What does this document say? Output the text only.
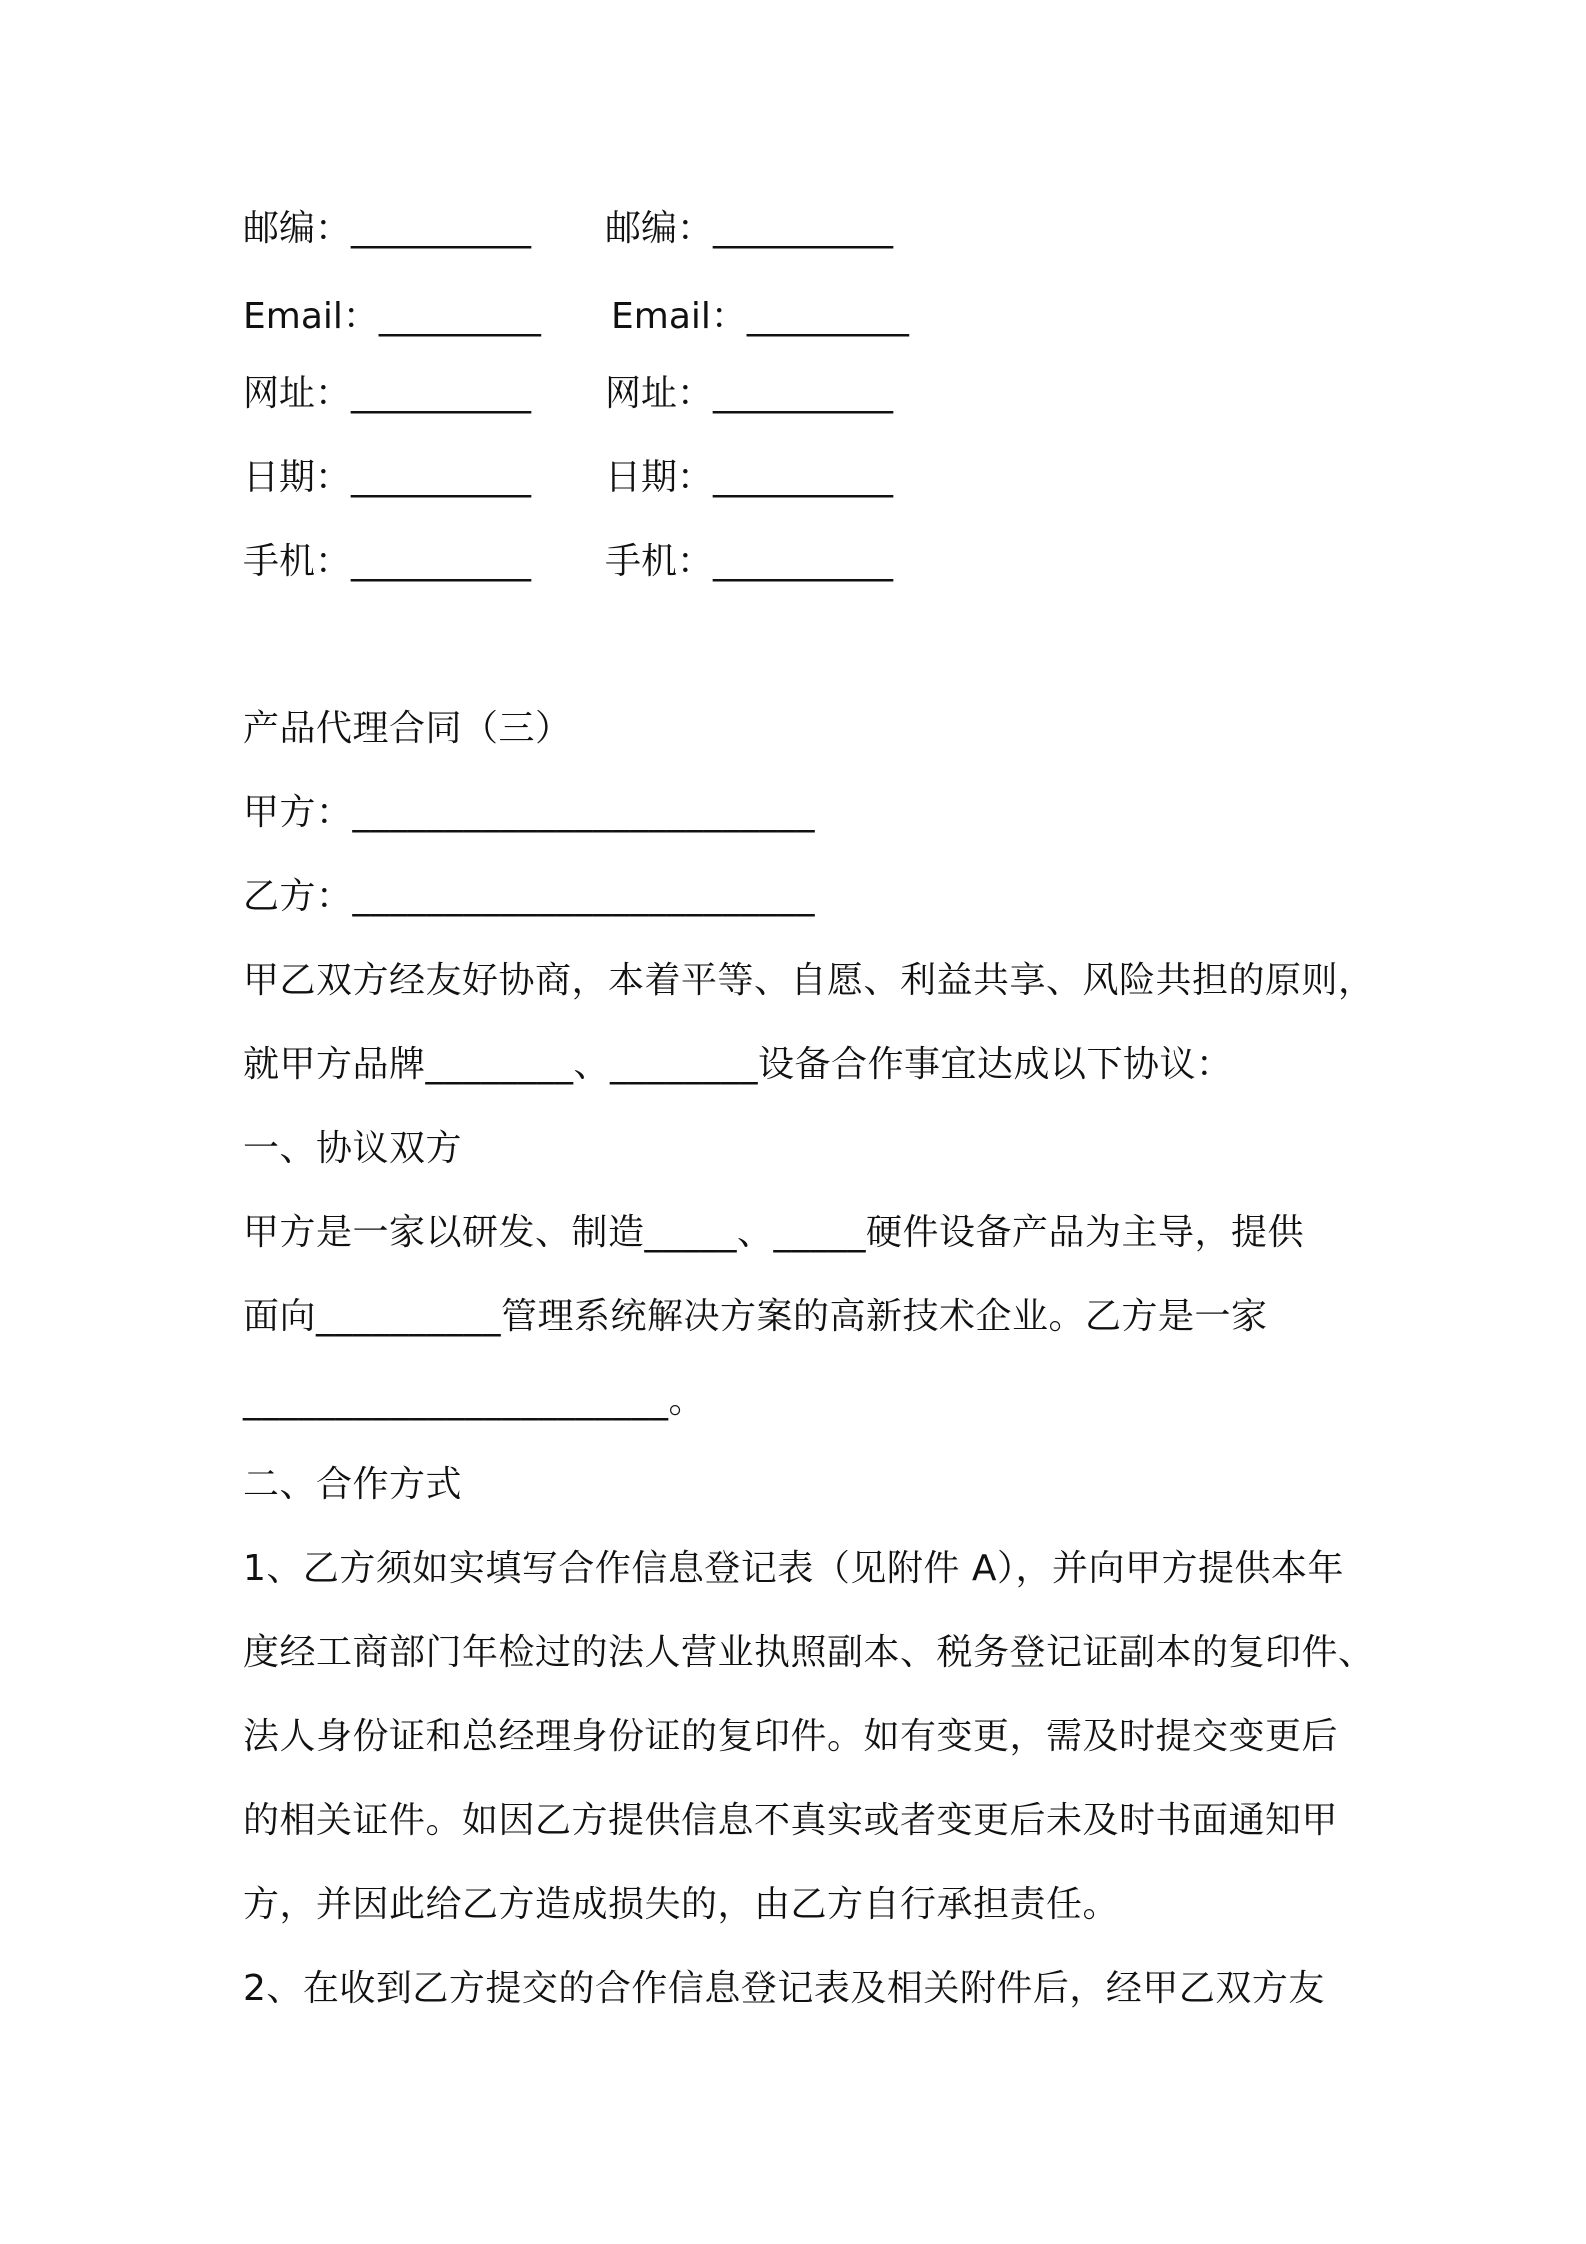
邮编：__________

邮编：__________

Email：_________

Email：_________

网址：__________

网址：__________

日期：__________

日期：__________

手机：__________

手机：__________

产品代理合同（三）
甲方：_________________________
乙方：_________________________
甲乙双方经友好协商，本着平等、自愿、利益共享、风险共担的原则，
就甲方品牌________、________设备合作事宜达成以下协议：
一、协议双方
甲方是一家以研发、制造_____、_____硬件设备产品为主导，提供
面向__________管理系统解决方案的高新技术企业。乙方是一家
_______________________。
二、合作方式
1、乙方须如实填写合作信息登记表（见附件 A），并向甲方提供本年
度经工商部门年检过的法人营业执照副本、税务登记证副本的复印件、
法人身份证和总经理身份证的复印件。如有变更，需及时提交变更后
的相关证件。如因乙方提供信息不真实或者变更后未及时书面通知甲
方，并因此给乙方造成损失的，由乙方自行承担责任。
2、在收到乙方提交的合作信息登记表及相关附件后，经甲乙双方友
